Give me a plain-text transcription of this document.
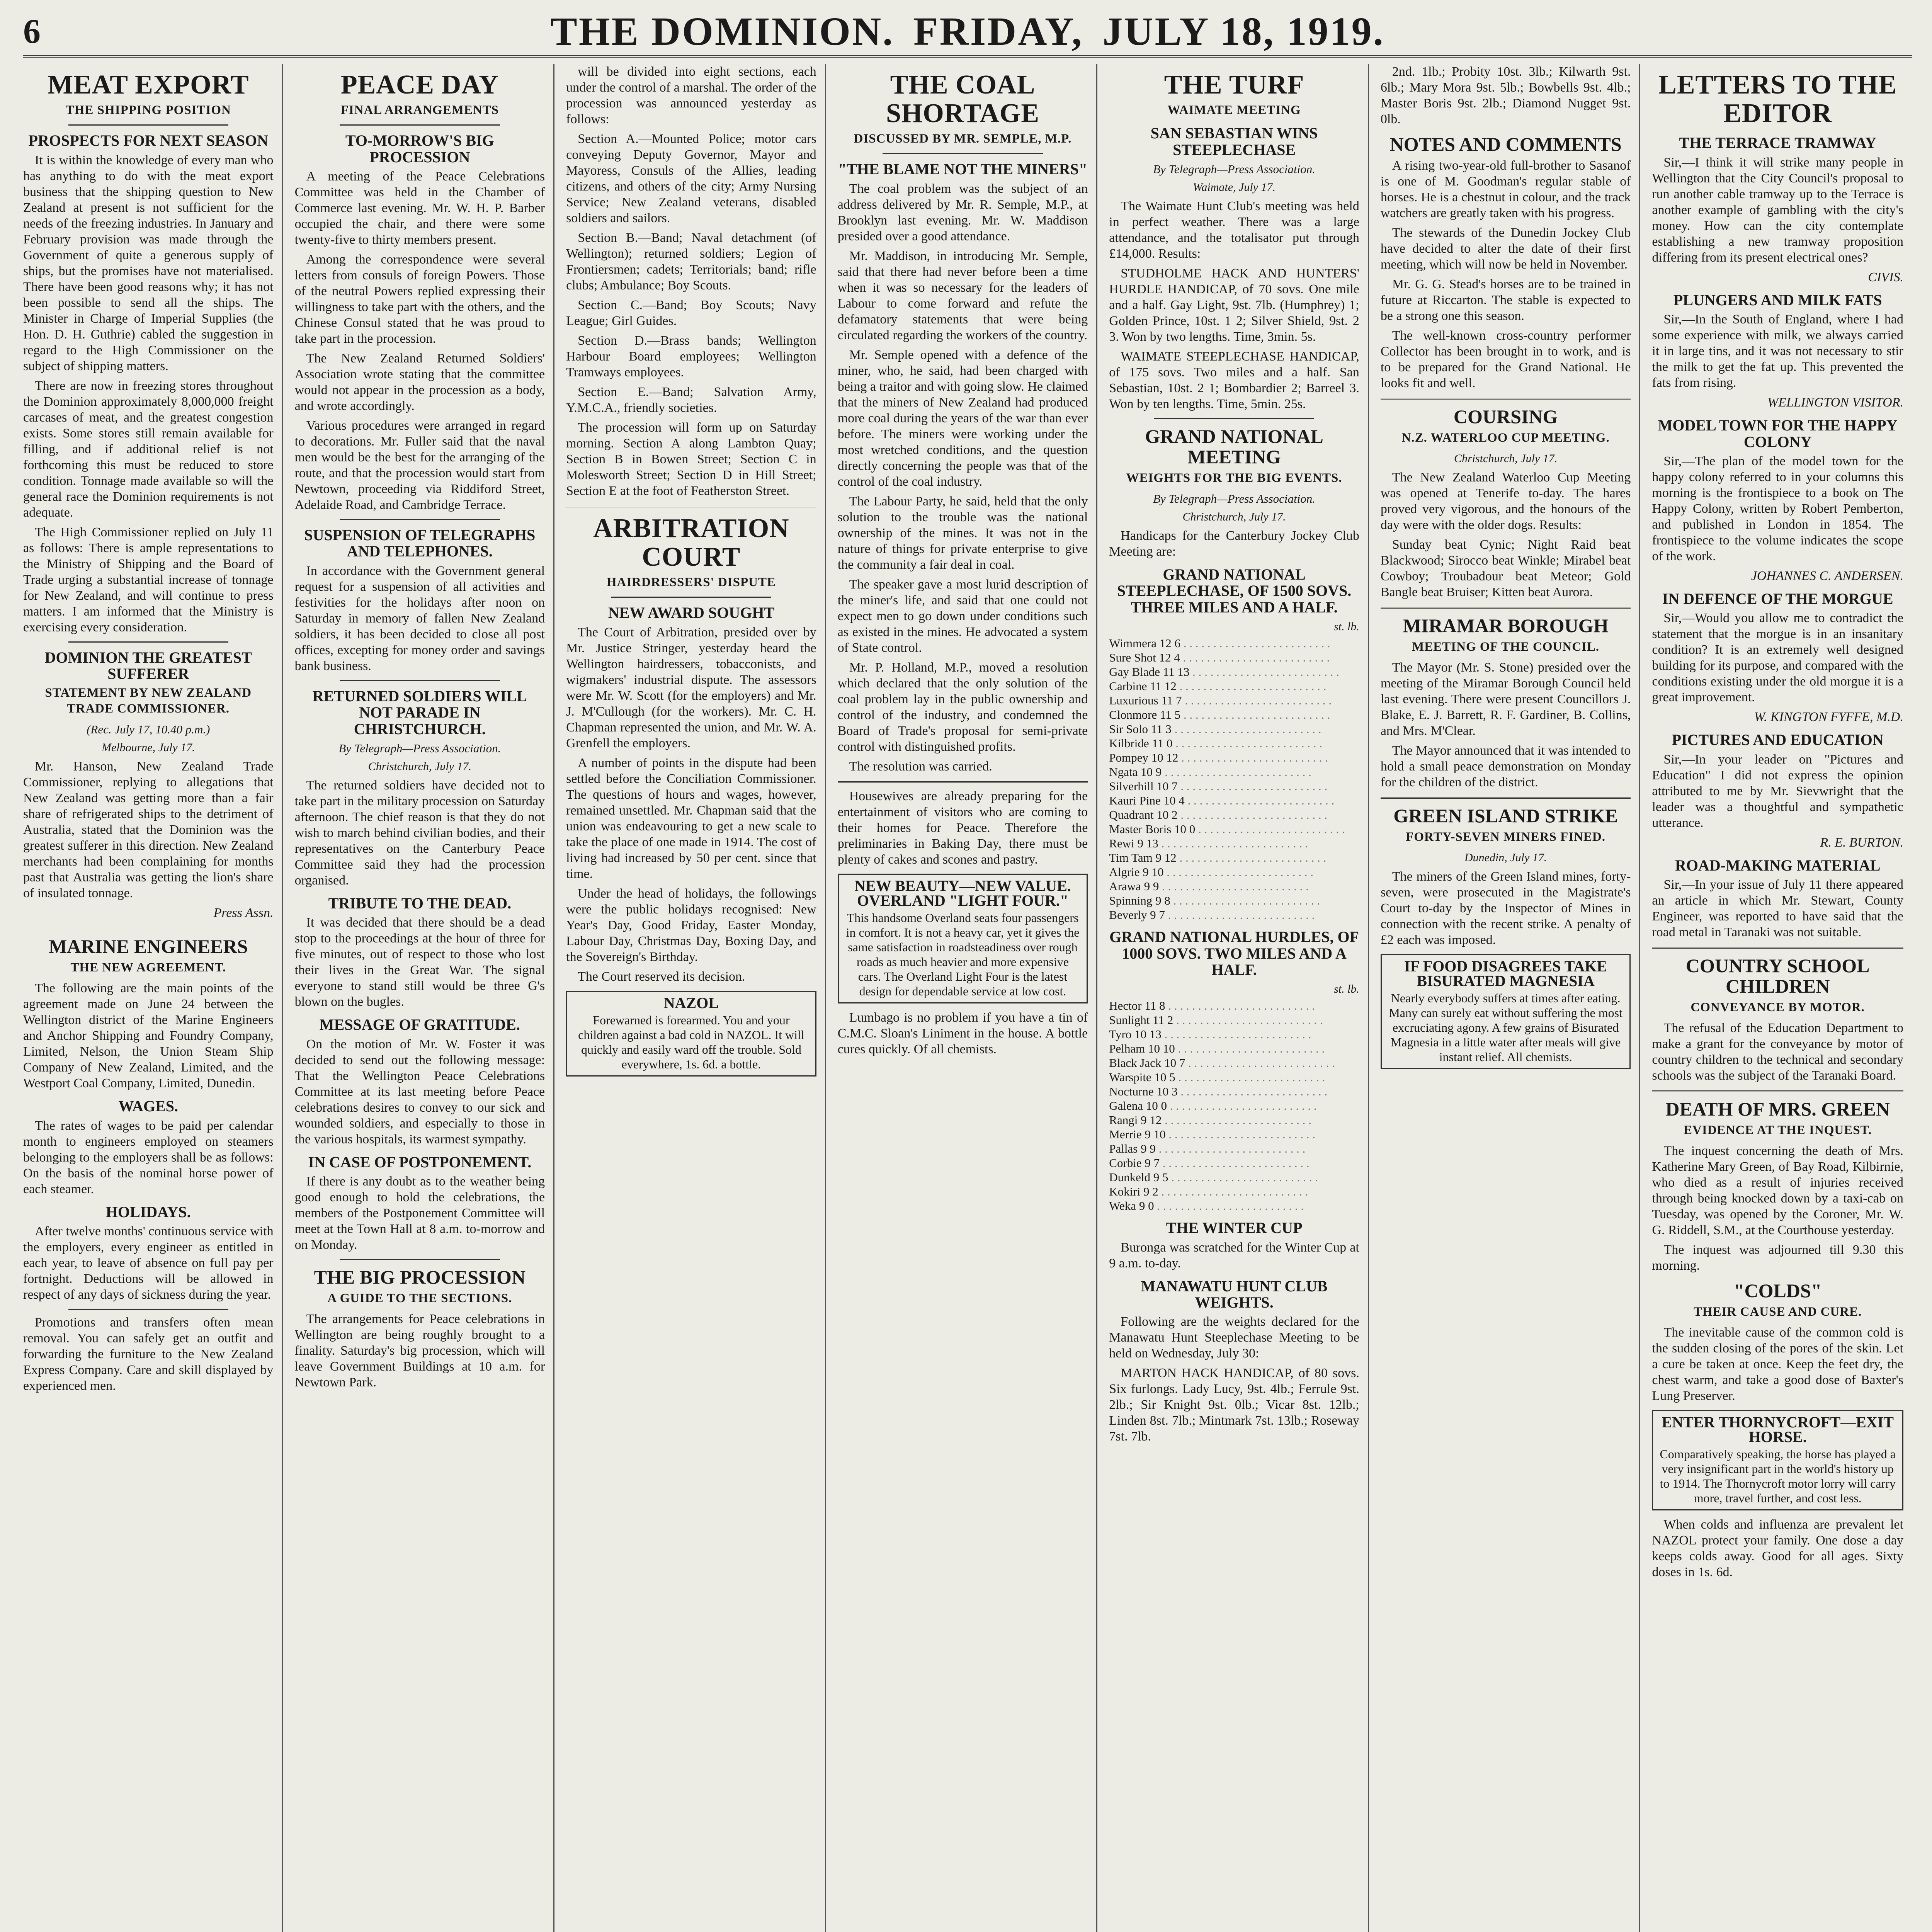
6	THE DOMINION. FRIDAY, JULY 18, 1919.
MEAT EXPORT
THE SHIPPING POSITION
PROSPECTS FOR NEXT SEASON

It is within the knowledge of every man who has anything to do with the meat export business that the shipping question to New Zealand at present is not sufficient for the needs of the freezing industries. In January and February provision was made through the Government of quite a generous supply of ships, but the promises have not materialised. There have been good reasons why; it has not been possible to send all the ships. The Minister in Charge of Imperial Supplies (the Hon. D. H. Guthrie) cabled the suggestion in regard to the High Commissioner on the subject of shipping matters.

There are now in freezing stores throughout the Dominion approximately 8,000,000 freight carcases of meat, and the greatest congestion exists. Some stores still remain available for filling, and if additional relief is not forthcoming this must be reduced to store condition. Tonnage made available so will the general race the Dominion requirements is not adequate.

The High Commissioner replied on July 11 as follows: There is ample representations to the Ministry of Shipping and the Board of Trade urging a substantial increase of tonnage for New Zealand, and will continue to press matters. I am informed that the Ministry is exercising every consideration.

DOMINION THE GREATEST SUFFERER
STATEMENT BY NEW ZEALAND TRADE COMMISSIONER.
(Rec. July 17, 10.40 p.m.)
Melbourne, July 17.

Mr. Hanson, New Zealand Trade Commissioner, replying to allegations that New Zealand was getting more than a fair share of refrigerated ships to the detriment of Australia, stated that the Dominion was the greatest sufferer in this direction. New Zealand merchants had been complaining for months past that Australia was getting the lion's share of insulated tonnage.

Press Assn.
MARINE ENGINEERS
THE NEW AGREEMENT.

The following are the main points of the agreement made on June 24 between the Wellington district of the Marine Engineers and Anchor Shipping and Foundry Company, Limited, Nelson, the Union Steam Ship Company of New Zealand, Limited, and the Westport Coal Company, Limited, Dunedin.

WAGES.

The rates of wages to be paid per calendar month to engineers employed on steamers belonging to the employers shall be as follows: On the basis of the nominal horse power of each steamer.

HOLIDAYS.

After twelve months' continuous service with the employers, every engineer as entitled in each year, to leave of absence on full pay per fortnight. Deductions will be allowed in respect of any days of sickness during the year.

Promotions and transfers often mean removal. You can safely get an outfit and forwarding the furniture to the New Zealand Express Company. Care and skill displayed by experienced men.

PEACE DAY
FINAL ARRANGEMENTS
TO-MORROW'S BIG PROCESSION

A meeting of the Peace Celebrations Committee was held in the Chamber of Commerce last evening. Mr. W. H. P. Barber occupied the chair, and there were some twenty-five to thirty members present.

Among the correspondence were several letters from consuls of foreign Powers. Those of the neutral Powers replied expressing their willingness to take part with the others, and the Chinese Consul stated that he was proud to take part in the procession.

The New Zealand Returned Soldiers' Association wrote stating that the committee would not appear in the procession as a body, and wrote accordingly.

Various procedures were arranged in regard to decorations. Mr. Fuller said that the naval men would be the best for the arranging of the route, and that the procession would start from Newtown, proceeding via Riddiford Street, Adelaide Road, and Cambridge Terrace.

SUSPENSION OF TELEGRAPHS AND TELEPHONES.

In accordance with the Government general request for a suspension of all activities and festivities for the holidays after noon on Saturday in memory of fallen New Zealand soldiers, it has been decided to close all post offices, excepting for money order and savings bank business.

RETURNED SOLDIERS WILL NOT PARADE IN CHRISTCHURCH.
By Telegraph—Press Association.
Christchurch, July 17.

The returned soldiers have decided not to take part in the military procession on Saturday afternoon. The chief reason is that they do not wish to march behind civilian bodies, and their representatives on the Canterbury Peace Committee said they had the procession organised.

TRIBUTE TO THE DEAD.

It was decided that there should be a dead stop to the proceedings at the hour of three for five minutes, out of respect to those who lost their lives in the Great War. The signal everyone to stand still would be three G's blown on the bugles.

MESSAGE OF GRATITUDE.

On the motion of Mr. W. Foster it was decided to send out the following message: That the Wellington Peace Celebrations Committee at its last meeting before Peace celebrations desires to convey to our sick and wounded soldiers, and especially to those in the various hospitals, its warmest sympathy.

IN CASE OF POSTPONEMENT.

If there is any doubt as to the weather being good enough to hold the celebrations, the members of the Postponement Committee will meet at the Town Hall at 8 a.m. to-morrow and on Monday.

THE BIG PROCESSION
A GUIDE TO THE SECTIONS.

The arrangements for Peace celebrations in Wellington are being roughly brought to a finality. Saturday's big procession, which will leave Government Buildings at 10 a.m. for Newtown Park.

will be divided into eight sections, each under the control of a marshal. The order of the procession was announced yesterday as follows:

Section A.—Mounted Police; motor cars conveying Deputy Governor, Mayor and Mayoress, Consuls of the Allies, leading citizens, and others of the city; Army Nursing Service; New Zealand veterans, disabled soldiers and sailors.

Section B.—Band; Naval detachment (of Wellington); returned soldiers; Legion of Frontiersmen; cadets; Territorials; band; rifle clubs; Ambulance; Boy Scouts.

Section C.—Band; Boy Scouts; Navy League; Girl Guides.

Section D.—Brass bands; Wellington Harbour Board employees; Wellington Tramways employees.

Section E.—Band; Salvation Army, Y.M.C.A., friendly societies.

The procession will form up on Saturday morning. Section A along Lambton Quay; Section B in Bowen Street; Section C in Molesworth Street; Section D in Hill Street; Section E at the foot of Featherston Street.

ARBITRATION COURT
HAIRDRESSERS' DISPUTE
NEW AWARD SOUGHT

The Court of Arbitration, presided over by Mr. Justice Stringer, yesterday heard the Wellington hairdressers, tobacconists, and wigmakers' industrial dispute. The assessors were Mr. W. Scott (for the employers) and Mr. J. M'Cullough (for the workers). Mr. C. H. Chapman represented the union, and Mr. W. A. Grenfell the employers.

A number of points in the dispute had been settled before the Conciliation Commissioner. The questions of hours and wages, however, remained unsettled. Mr. Chapman said that the union was endeavouring to get a new scale to take the place of one made in 1914. The cost of living had increased by 50 per cent. since that time.

Under the head of holidays, the followings were the public holidays recognised: New Year's Day, Good Friday, Easter Monday, Labour Day, Christmas Day, Boxing Day, and the Sovereign's Birthday.

The Court reserved its decision.

NAZOL
Forewarned is forearmed. You and your children against a bad cold in NAZOL. It will quickly and easily ward off the trouble. Sold everywhere, 1s. 6d. a bottle.
THE COAL SHORTAGE
DISCUSSED BY MR. SEMPLE, M.P.
"THE BLAME NOT THE MINERS"

The coal problem was the subject of an address delivered by Mr. R. Semple, M.P., at Brooklyn last evening. Mr. W. Maddison presided over a good attendance.

Mr. Maddison, in introducing Mr. Semple, said that there had never before been a time when it was so necessary for the leaders of Labour to come forward and refute the defamatory statements that were being circulated regarding the workers of the country.

Mr. Semple opened with a defence of the miner, who, he said, had been charged with being a traitor and with going slow. He claimed that the miners of New Zealand had produced more coal during the years of the war than ever before. The miners were working under the most wretched conditions, and the question directly concerning the people was that of the control of the coal industry.

The Labour Party, he said, held that the only solution to the trouble was the national ownership of the mines. It was not in the nature of things for private enterprise to give the community a fair deal in coal.

The speaker gave a most lurid description of the miner's life, and said that one could not expect men to go down under conditions such as existed in the mines. He advocated a system of State control.

Mr. P. Holland, M.P., moved a resolution which declared that the only solution of the coal problem lay in the public ownership and control of the industry, and condemned the Board of Trade's proposal for semi-private control with distinguished profits.

The resolution was carried.

Housewives are already preparing for the entertainment of visitors who are coming to their homes for Peace. Therefore the preliminaries in Baking Day, there must be plenty of cakes and scones and pastry.

NEW BEAUTY—NEW VALUE. OVERLAND "LIGHT FOUR."
This handsome Overland seats four passengers in comfort. It is not a heavy car, yet it gives the same satisfaction in roadsteadiness over rough roads as much heavier and more expensive cars. The Overland Light Four is the latest design for dependable service at low cost.

Lumbago is no problem if you have a tin of C.M.C. Sloan's Liniment in the house. A bottle cures quickly. Of all chemists.

THE TURF
WAIMATE MEETING
SAN SEBASTIAN WINS STEEPLECHASE
By Telegraph—Press Association.
Waimate, July 17.

The Waimate Hunt Club's meeting was held in perfect weather. There was a large attendance, and the totalisator put through £14,000. Results:

STUDHOLME HACK AND HUNTERS' HURDLE HANDICAP, of 70 sovs. One mile and a half. Gay Light, 9st. 7lb. (Humphrey) 1; Golden Prince, 10st. 1 2; Silver Shield, 9st. 2 3. Won by two lengths. Time, 3min. 5s.

WAIMATE STEEPLECHASE HANDICAP, of 175 sovs. Two miles and a half. San Sebastian, 10st. 2 1; Bombardier 2; Barreel 3. Won by ten lengths. Time, 5min. 25s.

GRAND NATIONAL MEETING
WEIGHTS FOR THE BIG EVENTS.
By Telegraph—Press Association.
Christchurch, July 17.

Handicaps for the Canterbury Jockey Club Meeting are:

GRAND NATIONAL STEEPLECHASE, OF 1500 SOVS. THREE MILES AND A HALF.
st. lb.
Wimmera 12 6 . . .
Sure Shot 12 4 . . .
Gay Blade 11 13 . . .
Carbine 11 12 . . .
Luxurious 11 7 . . .
Clonmore 11 5 . . .
Sir Solo 11 3 . . .
Kilbride 11 0 . . .
Pompey 10 12 . . .
Ngata 10 9 . . .
Silverhill 10 7 . . .
Kauri Pine 10 4 . . .
Quadrant 10 2 . . .
Master Boris 10 0 . . .
Rewi 9 13 . . .
Tim Tam 9 12 . . .
Algrie 9 10 . . .
Arawa 9 9 . . .
Spinning 9 8 . . .
Beverly 9 7 . . .
GRAND NATIONAL HURDLES, OF 1000 SOVS. TWO MILES AND A HALF.
st. lb.
Hector 11 8 . . .
Sunlight 11 2 . . .
Tyro 10 13 . . .
Pelham 10 10 . . .
Black Jack 10 7 . . .
Warspite 10 5 . . .
Nocturne 10 3 . . .
Galena 10 0 . . .
Rangi 9 12 . . .
Merrie 9 10 . . .
Pallas 9 9 . . .
Corbie 9 7 . . .
Dunkeld 9 5 . . .
Kokiri 9 2 . . .
Weka 9 0 . . .
THE WINTER CUP

Buronga was scratched for the Winter Cup at 9 a.m. to-day.

MANAWATU HUNT CLUB WEIGHTS.

Following are the weights declared for the Manawatu Hunt Steeplechase Meeting to be held on Wednesday, July 30:

MARTON HACK HANDICAP, of 80 sovs. Six furlongs. Lady Lucy, 9st. 4lb.; Ferrule 9st. 2lb.; Sir Knight 9st. 0lb.; Vicar 8st. 12lb.; Linden 8st. 7lb.; Mintmark 7st. 13lb.; Roseway 7st. 7lb.

2nd. 1lb.; Probity 10st. 3lb.; Kilwarth 9st. 6lb.; Mary Mora 9st. 5lb.; Bowbells 9st. 4lb.; Master Boris 9st. 2lb.; Diamond Nugget 9st. 0lb.

NOTES AND COMMENTS

A rising two-year-old full-brother to Sasanof is one of M. Goodman's regular stable of horses. He is a chestnut in colour, and the track watchers are greatly taken with his progress.

The stewards of the Dunedin Jockey Club have decided to alter the date of their first meeting, which will now be held in November.

Mr. G. G. Stead's horses are to be trained in future at Riccarton. The stable is expected to be a strong one this season.

The well-known cross-country performer Collector has been brought in to work, and is to be prepared for the Grand National. He looks fit and well.

COURSING
N.Z. WATERLOO CUP MEETING.
Christchurch, July 17.

The New Zealand Waterloo Cup Meeting was opened at Tenerife to-day. The hares proved very vigorous, and the honours of the day were with the older dogs. Results:

Sunday beat Cynic; Night Raid beat Blackwood; Sirocco beat Winkle; Mirabel beat Cowboy; Troubadour beat Meteor; Gold Bangle beat Bruiser; Kitten beat Aurora.

MIRAMAR BOROUGH
MEETING OF THE COUNCIL.

The Mayor (Mr. S. Stone) presided over the meeting of the Miramar Borough Council held last evening. There were present Councillors J. Blake, E. J. Barrett, R. F. Gardiner, B. Collins, and Mrs. M'Clear.

The Mayor announced that it was intended to hold a small peace demonstration on Monday for the children of the district.

GREEN ISLAND STRIKE
FORTY-SEVEN MINERS FINED.
Dunedin, July 17.

The miners of the Green Island mines, forty-seven, were prosecuted in the Magistrate's Court to-day by the Inspector of Mines in connection with the recent strike. A penalty of £2 each was imposed.

IF FOOD DISAGREES TAKE BISURATED MAGNESIA
Nearly everybody suffers at times after eating. Many can surely eat without suffering the most excruciating agony. A few grains of Bisurated Magnesia in a little water after meals will give instant relief. All chemists.
LETTERS TO THE EDITOR
THE TERRACE TRAMWAY

Sir,—I think it will strike many people in Wellington that the City Council's proposal to run another cable tramway up to the Terrace is another example of gambling with the city's money. How can the city contemplate establishing a new tramway proposition differing from its present electrical ones?

CIVIS.
PLUNGERS AND MILK FATS

Sir,—In the South of England, where I had some experience with milk, we always carried it in large tins, and it was not necessary to stir the milk to get the fat up. This prevented the fats from rising.

WELLINGTON VISITOR.
MODEL TOWN FOR THE HAPPY COLONY

Sir,—The plan of the model town for the happy colony referred to in your columns this morning is the frontispiece to a book on The Happy Colony, written by Robert Pemberton, and published in London in 1854. The frontispiece to the volume indicates the scope of the work.

JOHANNES C. ANDERSEN.
IN DEFENCE OF THE MORGUE

Sir,—Would you allow me to contradict the statement that the morgue is in an insanitary condition? It is an extremely well designed building for its purpose, and compared with the conditions existing under the old morgue it is a great improvement.

W. KINGTON FYFFE, M.D.
PICTURES AND EDUCATION

Sir,—In your leader on "Pictures and Education" I did not express the opinion attributed to me by Mr. Sievwright that the leader was a thoughtful and sympathetic utterance.

R. E. BURTON.
ROAD-MAKING MATERIAL

Sir,—In your issue of July 11 there appeared an article in which Mr. Stewart, County Engineer, was reported to have said that the road metal in Taranaki was not suitable.

COUNTRY SCHOOL CHILDREN
CONVEYANCE BY MOTOR.

The refusal of the Education Department to make a grant for the conveyance by motor of country children to the technical and secondary schools was the subject of the Taranaki Board.

DEATH OF MRS. GREEN
EVIDENCE AT THE INQUEST.

The inquest concerning the death of Mrs. Katherine Mary Green, of Bay Road, Kilbirnie, who died as a result of injuries received through being knocked down by a taxi-cab on Tuesday, was opened by the Coroner, Mr. W. G. Riddell, S.M., at the Courthouse yesterday.

The inquest was adjourned till 9.30 this morning.

"COLDS"
THEIR CAUSE AND CURE.

The inevitable cause of the common cold is the sudden closing of the pores of the skin. Let a cure be taken at once. Keep the feet dry, the chest warm, and take a good dose of Baxter's Lung Preserver.

ENTER THORNYCROFT—EXIT HORSE.
Comparatively speaking, the horse has played a very insignificant part in the world's history up to 1914. The Thornycroft motor lorry will carry more, travel further, and cost less.

When colds and influenza are prevalent let NAZOL protect your family. One dose a day keeps colds away. Good for all ages. Sixty doses in 1s. 6d.
